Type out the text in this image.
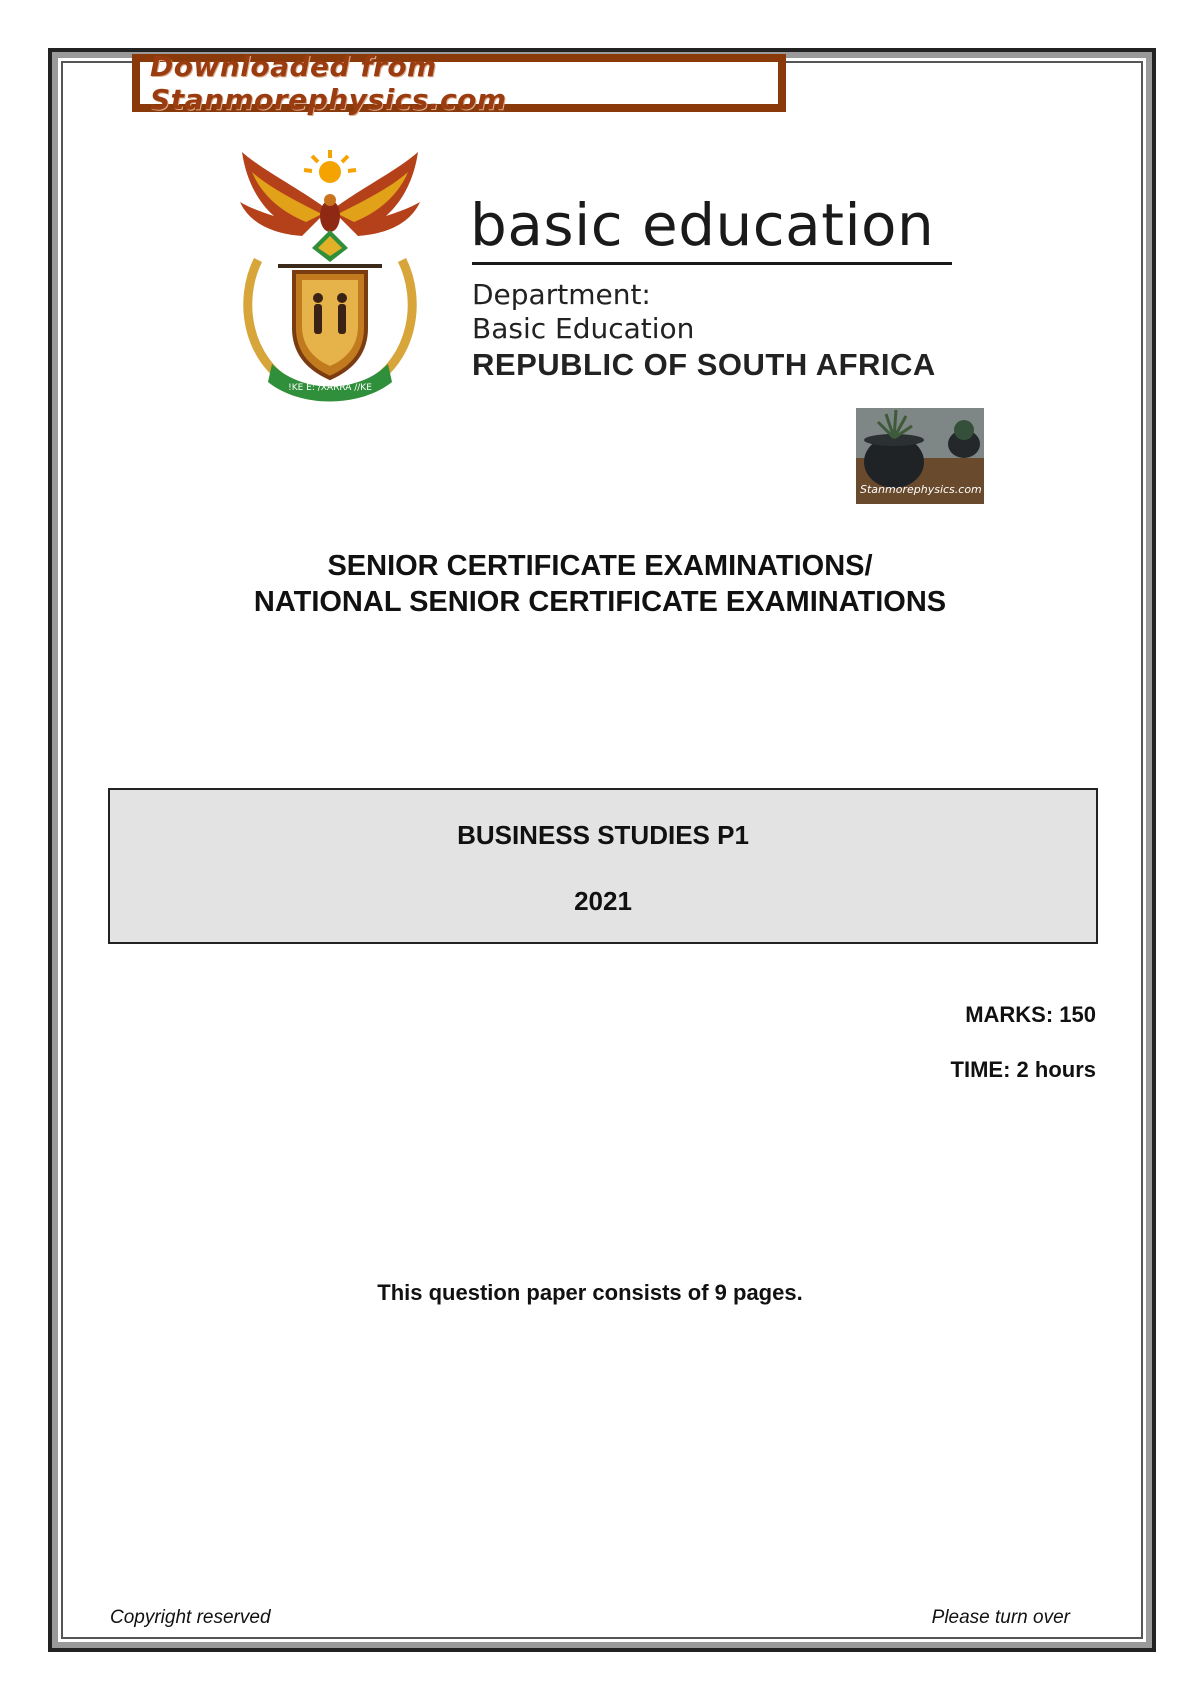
Downloaded from Stanmorephysics.com
!KE E: /XARRA //KE
basic education
Department:
Basic Education
REPUBLIC OF SOUTH AFRICA
Stanmorephysics.com
SENIOR CERTIFICATE EXAMINATIONS/
NATIONAL SENIOR CERTIFICATE EXAMINATIONS
BUSINESS STUDIES P1
2021
MARKS: 150
TIME: 2 hours
This question paper consists of 9 pages.
Copyright reserved	Please turn over
